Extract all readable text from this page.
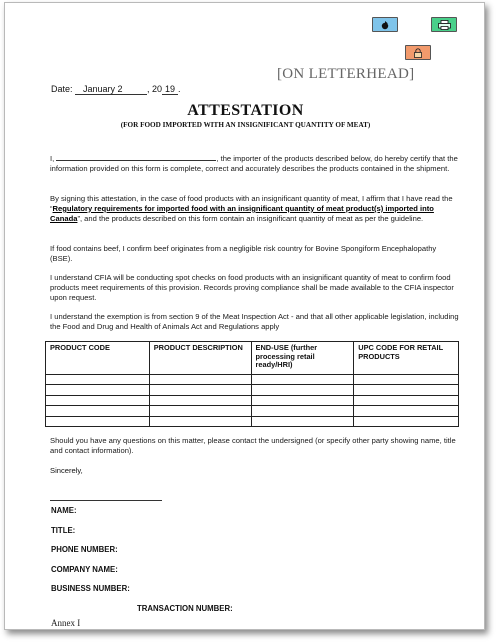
[ON LETTERHEAD]
Date: January 2	, 20 19 .
ATTESTATION
(FOR FOOD IMPORTED WITH AN INSIGNIFICANT QUANTITY OF MEAT)
I,	, the importer of the products described below, do hereby certify that the information provided on this form is complete, correct and accurately describes the products contained in the shipment.
By signing this attestation, in the case of food products with an insignificant quantity of meat, I affirm that I have read the “Regulatory requirements for imported food with an insignificant quantity of meat product(s) imported into Canada”, and the products described on this form contain an insignificant quantity of meat as per the guideline.
If food contains beef, I confirm beef originates from a negligible risk country for Bovine Spongiform Encephalopathy (BSE).
I understand CFIA will be conducting spot checks on food products with an insignificant quantity of meat to confirm food products meet requirements of this provision. Records proving compliance shall be made available to the CFIA inspector upon request.
I understand the exemption is from section 9 of the Meat Inspection Act - and that all other applicable legislation, including the Food and Drug and Health of Animals Act and Regulations apply
PRODUCT CODE	PRODUCT DESCRIPTION	END-USE (further processing retail ready/HRI)	UPC CODE FOR RETAIL PRODUCTS

Should you have any questions on this matter, please contact the undersigned (or specify other party showing name, title and contact information).
Sincerely,
NAME:
TITLE:
PHONE NUMBER:
COMPANY NAME:
BUSINESS NUMBER:
TRANSACTION NUMBER:
Annex I
